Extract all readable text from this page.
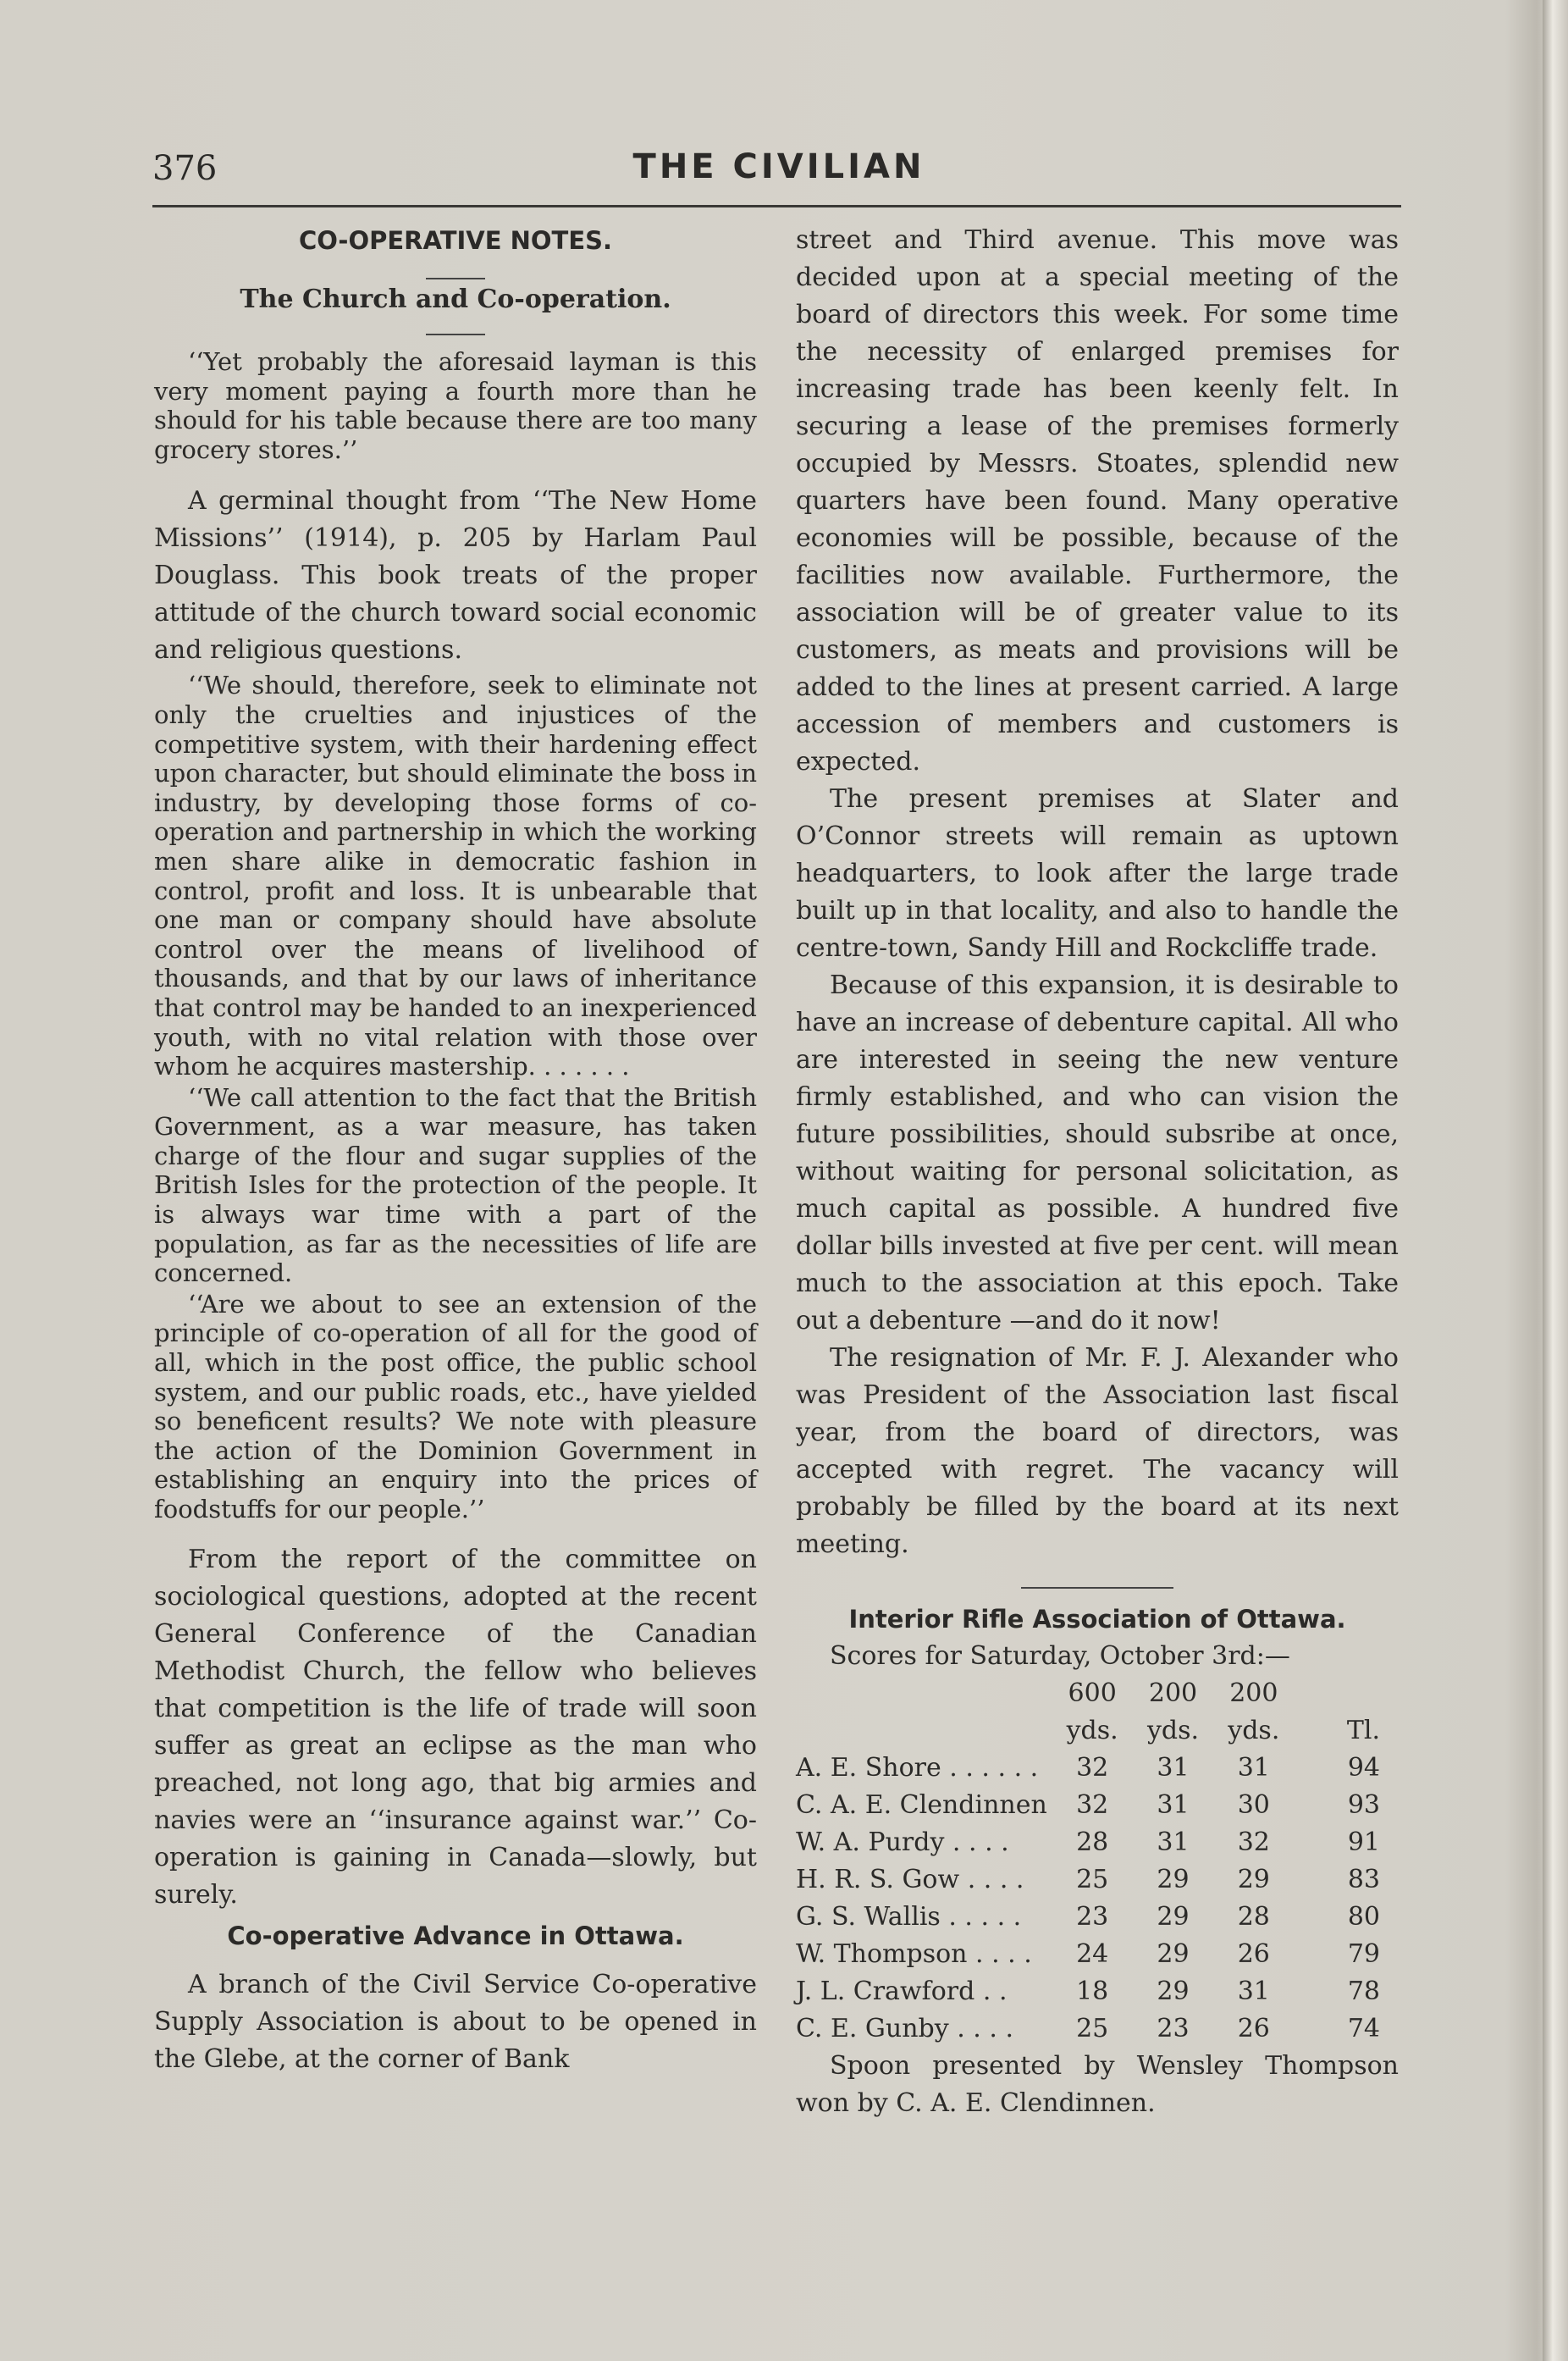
376	THE CIVILIAN
CO-OPERATIVE NOTES.
The Church and Co-operation.

‘‘Yet probably the aforesaid layman is this very moment paying a fourth more than he should for his table because there are too many grocery stores.’’

A germinal thought from ‘‘The New Home Missions’’ (1914), p. 205 by Harlam Paul Douglass. This book treats of the proper attitude of the church toward social economic and religious questions.

‘‘We should, therefore, seek to eliminate not only the cruelties and injustices of the competitive system, with their hardening effect upon character, but should eliminate the boss in industry, by developing those forms of co-operation and partnership in which the working men share alike in democratic fashion in control, profit and loss. It is unbearable that one man or company should have absolute control over the means of livelihood of thousands, and that by our laws of inheritance that control may be handed to an inexperienced youth, with no vital relation with those over whom he acquires mastership. . . . . . .

‘‘We call attention to the fact that the British Government, as a war measure, has taken charge of the flour and sugar supplies of the British Isles for the protection of the people. It is always war time with a part of the population, as far as the necessities of life are concerned.

‘‘Are we about to see an extension of the principle of co-operation of all for the good of all, which in the post office, the public school system, and our public roads, etc., have yielded so beneficent results? We note with pleasure the action of the Dominion Government in establishing an enquiry into the prices of foodstuffs for our people.’’

From the report of the committee on sociological questions, adopted at the recent General Conference of the Canadian Methodist Church, the fellow who believes that competition is the life of trade will soon suffer as great an eclipse as the man who preached, not long ago, that big armies and navies were an ‘‘insurance against war.’’ Co-operation is gaining in Canada—slowly, but surely.

Co-operative Advance in Ottawa.

A branch of the Civil Service Co-operative Supply Association is about to be opened in the Glebe, at the corner of Bank

street and Third avenue. This move was decided upon at a special meeting of the board of directors this week. For some time the necessity of enlarged premises for increasing trade has been keenly felt. In securing a lease of the premises formerly occupied by Messrs. Stoates, splendid new quarters have been found. Many operative economies will be possible, because of the facilities now available. Furthermore, the association will be of greater value to its customers, as meats and provisions will be added to the lines at present carried. A large accession of members and customers is expected.

The present premises at Slater and O’Connor streets will remain as uptown headquarters, to look after the large trade built up in that locality, and also to handle the centre-town, Sandy Hill and Rockcliffe trade.

Because of this expansion, it is desirable to have an increase of debenture capital. All who are interested in seeing the new venture firmly established, and who can vision the future possibilities, should subsribe at once, without waiting for personal solicitation, as much capital as possible. A hundred five dollar bills invested at five per cent. will mean much to the association at this epoch. Take out a debenture —and do it now!

The resignation of Mr. F. J. Alexander who was President of the Association last fiscal year, from the board of directors, was accepted with regret. The vacancy will probably be filled by the board at its next meeting.

Interior Rifle Association of Ottawa.

Scores for Saturday, October 3rd:—

	600	200	200	
	yds.	yds.	yds.	Tl.
A. E. Shore . . . . . .	32	31	31	94
C. A. E. Clendinnen	32	31	30	93
W. A. Purdy . . . .	28	31	32	91
H. R. S. Gow . . . .	25	29	29	83
G. S. Wallis . . . . .	23	29	28	80
W. Thompson . . . .	24	29	26	79
J. L. Crawford . .	18	29	31	78
C. E. Gunby . . . .	25	23	26	74

Spoon presented by Wensley Thompson won by C. A. E. Clendinnen.
